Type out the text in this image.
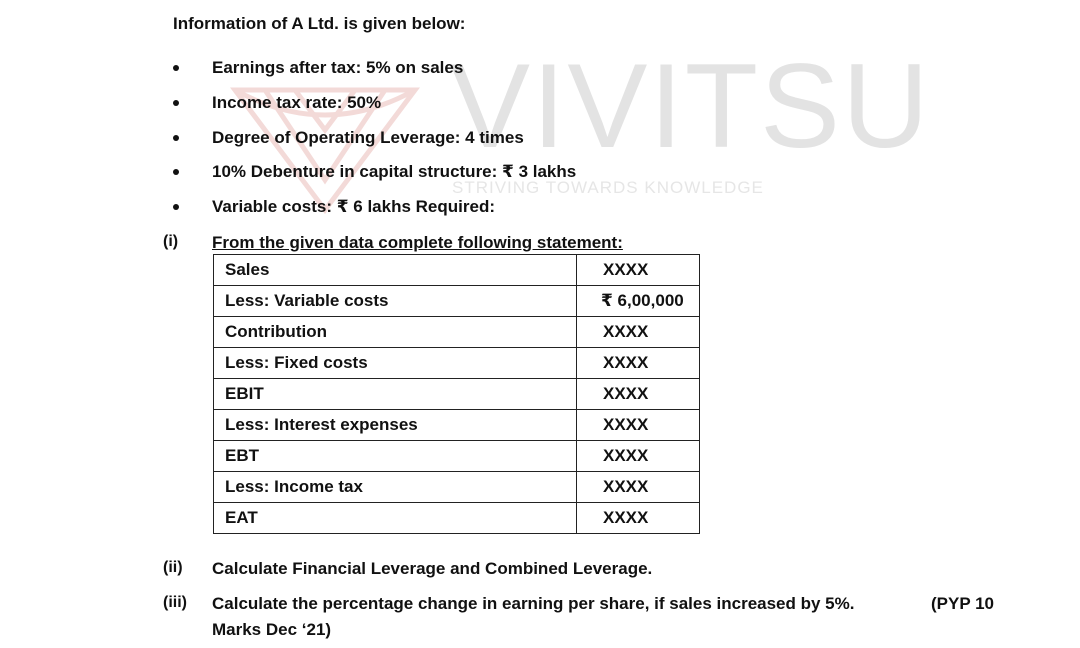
VIVITSU
STRIVING TOWARDS KNOWLEDGE
Information of A Ltd. is given below:
Earnings after tax: 5% on sales
Income tax rate: 50%
Degree of Operating Leverage: 4 times
10% Debenture in capital structure: ₹ 3 lakhs
Variable costs: ₹ 6 lakhs Required:
(i) From the given data complete following statement:
Sales	XXXX
Less: Variable costs	₹ 6,00,000
Contribution	XXXX
Less: Fixed costs	XXXX
EBIT	XXXX
Less: Interest expenses	XXXX
EBT	XXXX
Less: Income tax	XXXX
EAT	XXXX
(ii) Calculate Financial Leverage and Combined Leverage.
(iii) Calculate the percentage change in earning per share, if sales increased by 5%.	(PYP 10
Marks Dec ‘21)
